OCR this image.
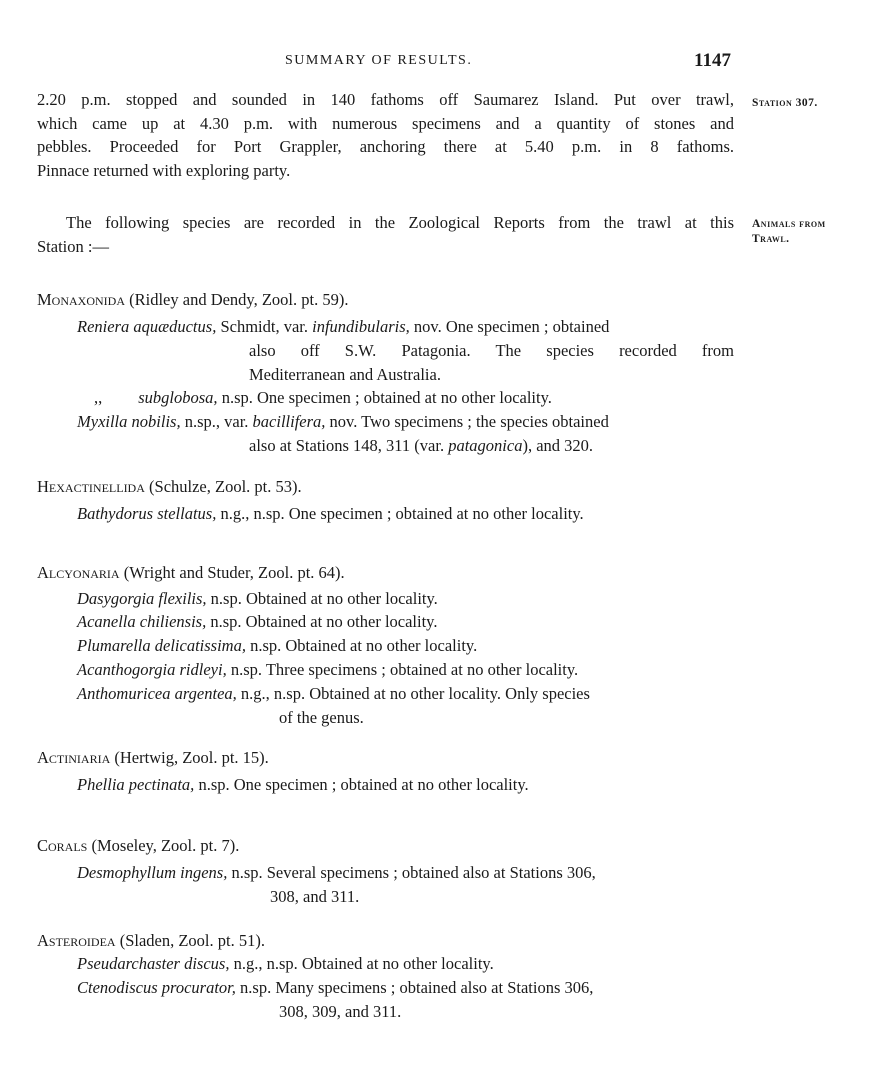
SUMMARY OF RESULTS.	1147
Station 307.
Animals from
Trawl.
2.20 p.m. stopped and sounded in 140 fathoms off Saumarez Island. Put over trawl,
which came up at 4.30 p.m. with numerous specimens and a quantity of stones and
pebbles. Proceeded for Port Grappler, anchoring there at 5.40 p.m. in 8 fathoms.
Pinnace returned with exploring party.
The following species are recorded in the Zoological Reports from the trawl at this
Station :—
Monaxonida (Ridley and Dendy, Zool. pt. 59).
Reniera aquæductus, Schmidt, var. infundibularis, nov. One specimen ; obtained
also off S.W. Patagonia. The species recorded from
Mediterranean and Australia.
,, subglobosa, n.sp. One specimen ; obtained at no other locality.
Myxilla nobilis, n.sp., var. bacillifera, nov. Two specimens ; the species obtained
also at Stations 148, 311 (var. patagonica), and 320.
Hexactinellida (Schulze, Zool. pt. 53).
Bathydorus stellatus, n.g., n.sp. One specimen ; obtained at no other locality.
Alcyonaria (Wright and Studer, Zool. pt. 64).
Dasygorgia flexilis, n.sp. Obtained at no other locality.
Acanella chiliensis, n.sp. Obtained at no other locality.
Plumarella delicatissima, n.sp. Obtained at no other locality.
Acanthogorgia ridleyi, n.sp. Three specimens ; obtained at no other locality.
Anthomuricea argentea, n.g., n.sp. Obtained at no other locality. Only species
of the genus.
Actiniaria (Hertwig, Zool. pt. 15).
Phellia pectinata, n.sp. One specimen ; obtained at no other locality.
Corals (Moseley, Zool. pt. 7).
Desmophyllum ingens, n.sp. Several specimens ; obtained also at Stations 306,
308, and 311.
Asteroidea (Sladen, Zool. pt. 51).
Pseudarchaster discus, n.g., n.sp. Obtained at no other locality.
Ctenodiscus procurator, n.sp. Many specimens ; obtained also at Stations 306,
308, 309, and 311.
